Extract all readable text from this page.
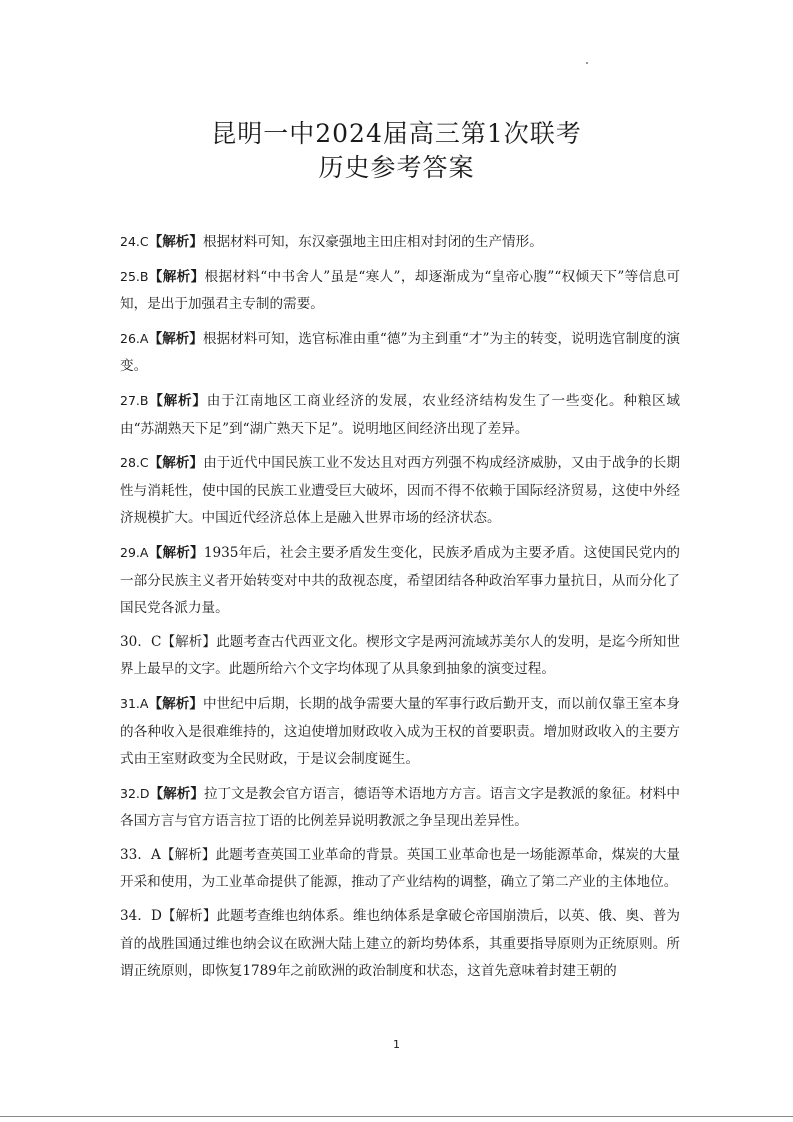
昆明一中2024届高三第1次联考
历史参考答案

24.C【解析】根据材料可知，东汉豪强地主田庄相对封闭的生产情形。

25.B【解析】根据材料“中书舍人”虽是“寒人”，却逐渐成为“皇帝心腹”“权倾天下”等信息可知，是出于加强君主专制的需要。

26.A【解析】根据材料可知，选官标准由重“德”为主到重“才”为主的转变，说明选官制度的演变。

27.B【解析】由于江南地区工商业经济的发展，农业经济结构发生了一些变化。种粮区域由“苏湖熟天下足”到“湖广熟天下足”。说明地区间经济出现了差异。

28.C【解析】由于近代中国民族工业不发达且对西方列强不构成经济威胁，又由于战争的长期性与消耗性，使中国的民族工业遭受巨大破坏，因而不得不依赖于国际经济贸易，这使中外经济规模扩大。中国近代经济总体上是融入世界市场的经济状态。

29.A【解析】1935年后，社会主要矛盾发生变化，民族矛盾成为主要矛盾。这使国民党内的一部分民族主义者开始转变对中共的敌视态度，希望团结各种政治军事力量抗日，从而分化了国民党各派力量。

30．C【解析】此题考查古代西亚文化。楔形文字是两河流域苏美尔人的发明，是迄今所知世界上最早的文字。此题所给六个文字均体现了从具象到抽象的演变过程。

31.A【解析】中世纪中后期，长期的战争需要大量的军事行政后勤开支，而以前仅靠王室本身的各种收入是很难维持的，这迫使增加财政收入成为王权的首要职责。增加财政收入的主要方式由王室财政变为全民财政，于是议会制度诞生。

32.D【解析】拉丁文是教会官方语言，德语等术语地方方言。语言文字是教派的象征。材料中各国方言与官方语言拉丁语的比例差异说明教派之争呈现出差异性。

33．A【解析】此题考查英国工业革命的背景。英国工业革命也是一场能源革命，煤炭的大量开采和使用，为工业革命提供了能源，推动了产业结构的调整，确立了第二产业的主体地位。

34．D【解析】此题考查维也纳体系。维也纳体系是拿破仑帝国崩溃后，以英、俄、奥、普为首的战胜国通过维也纳会议在欧洲大陆上建立的新均势体系，其重要指导原则为正统原则。所谓正统原则，即恢复1789年之前欧洲的政治制度和状态，这首先意味着封建王朝的

1
